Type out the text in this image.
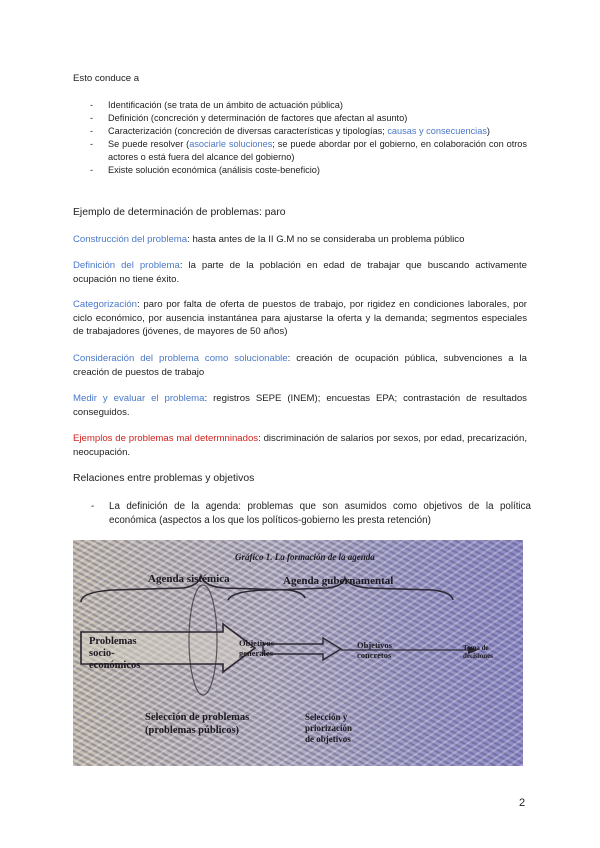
Esto conduce a
- Identificación (se trata de un ámbito de actuación pública)
- Definición (concreción y determinación de factores que afectan al asunto)
- Caracterización (concreción de diversas características y tipologías; causas y consecuencias)
- Se puede resolver (asociarle soluciones; se puede abordar por el gobierno, en colaboración con otros actores o está fuera del alcance del gobierno)
- Existe solución económica (análisis coste-beneficio)
Ejemplo de determinación de problemas: paro
Construcción del problema: hasta antes de la II G.M no se consideraba un problema público
Definición del problema: la parte de la población en edad de trabajar que buscando activamente ocupación no tiene éxito.
Categorización: paro por falta de oferta de puestos de trabajo, por rigidez en condiciones laborales, por ciclo económico, por ausencia instantánea para ajustarse la oferta y la demanda; segmentos especiales de trabajadores (jóvenes, de mayores de 50 años)
Consideración del problema como solucionable: creación de ocupación pública, subvenciones a la creación de puestos de trabajo
Medir y evaluar el problema: registros SEPE (INEM); encuestas EPA; contrastación de resultados conseguidos.
Ejemplos de problemas mal determninados: discriminación de salarios por sexos, por edad, precarización, neocupación.
Relaciones entre problemas y objetivos
- La definición de la agenda: problemas que son asumidos como objetivos de la política económica (aspectos a los que los políticos-gobierno les presta retención)
Gráfico 1. La formación de la agenda
Agenda sistémica	Agenda gubernamental
Problemas socio-económicos
Objetivos generales
Objetivos concretos
Toma de decisiones
Selección de problemas (problemas públicos)
Selección y priorización de objetivos
2
